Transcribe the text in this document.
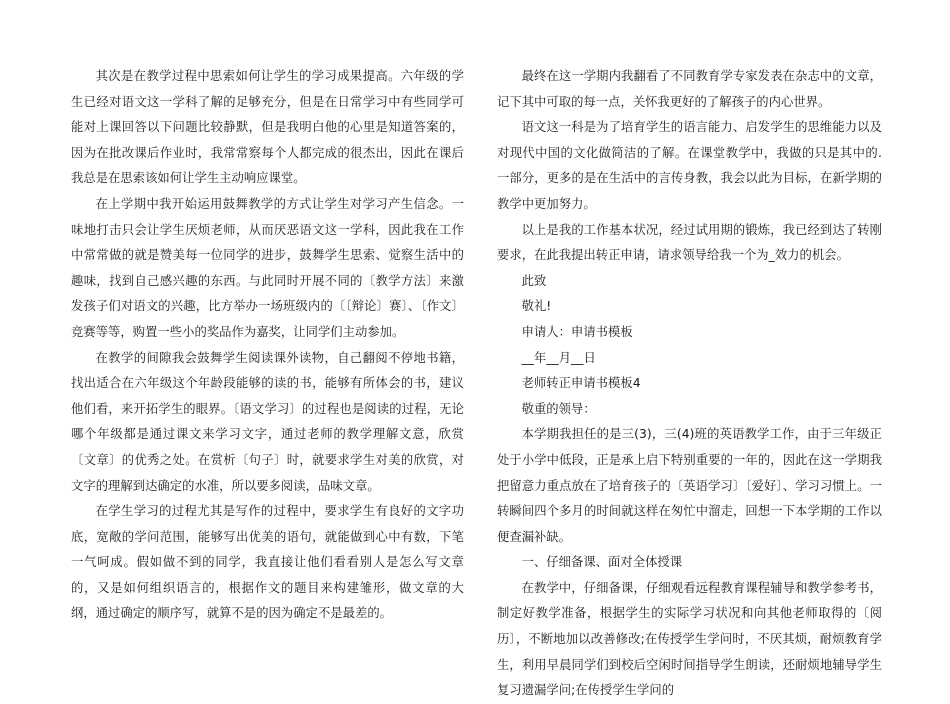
其次是在教学过程中思索如何让学生的学习成果提高。六年级的学生已经对语文这一学科了解的足够充分，但是在日常学习中有些同学可能对上课回答以下问题比较静默，但是我明白他的心里是知道答案的，因为在批改课后作业时，我常常察每个人都完成的很杰出，因此在课后我总是在思索该如何让学生主动响应课堂。

在上学期中我开始运用鼓舞教学的方式让学生对学习产生信念。一味地打击只会让学生厌烦老师，从而厌恶语文这一学科，因此我在工作中常常做的就是赞美每一位同学的进步，鼓舞学生思索、觉察生活中的趣味，找到自己感兴趣的东西。与此同时开展不同的〔教学方法〕来激发孩子们对语文的兴趣，比方举办一场班级内的〔〔辩论〕赛〕、〔作文〕竞赛等等，购置一些小的奖品作为嘉奖，让同学们主动参加。

在教学的间隙我会鼓舞学生阅读课外读物，自己翻阅不停地书籍，找出适合在六年级这个年龄段能够的读的书，能够有所体会的书，建议他们看，来开拓学生的眼界。〔语文学习〕的过程也是阅读的过程，无论哪个年级都是通过课文来学习文字，通过老师的教学理解文意，欣赏〔文章〕的优秀之处。在赏析〔句子〕时，就要求学生对美的欣赏，对文字的理解到达确定的水准，所以要多阅读，品味文章。

在学生学习的过程尤其是写作的过程中，要求学生有良好的文字功底，宽敞的学问范围，能够写出优美的语句，就能做到心中有数，下笔一气呵成。假如做不到的同学，我直接让他们看看别人是怎么写文章的，又是如何组织语言的，根据作文的题目来构建雏形，做文章的大纲，通过确定的顺序写，就算不是的因为确定不是最差的。

最终在这一学期内我翻看了不同教育学专家发表在杂志中的文章，记下其中可取的每一点，关怀我更好的了解孩子的内心世界。

语文这一科是为了培育学生的语言能力、启发学生的思维能力以及对现代中国的文化做简洁的了解。在课堂教学中，我做的只是其中的.一部分，更多的是在生活中的言传身教，我会以此为目标，在新学期的教学中更加努力。

以上是我的工作基本状况，经过试用期的锻炼，我已经到达了转刚要求，在此我提出转正申请，请求领导给我一个为_效力的机会。

此致

敬礼!

申请人：申请书模板

__年__月__日

老师转正申请书模板4

敬重的领导：

本学期我担任的是三(3)，三(4)班的英语教学工作，由于三年级正处于小学中低段，正是承上启下特别重要的一年的，因此在这一学期我把留意力重点放在了培育孩子的〔英语学习〕〔爱好〕、学习习惯上。一转瞬间四个多月的时间就这样在匆忙中溜走，回想一下本学期的工作以便查漏补缺。

一、仔细备课、面对全体授课

在教学中，仔细备课，仔细观看远程教育课程辅导和教学参考书，制定好教学准备，根据学生的实际学习状况和向其他老师取得的〔阅历〕，不断地加以改善修改;在传授学生学问时，不厌其烦，耐烦教育学生，利用早晨同学们到校后空闲时间指导学生朗读，还耐烦地辅导学生复习遗漏学问;在传授学生学问的
